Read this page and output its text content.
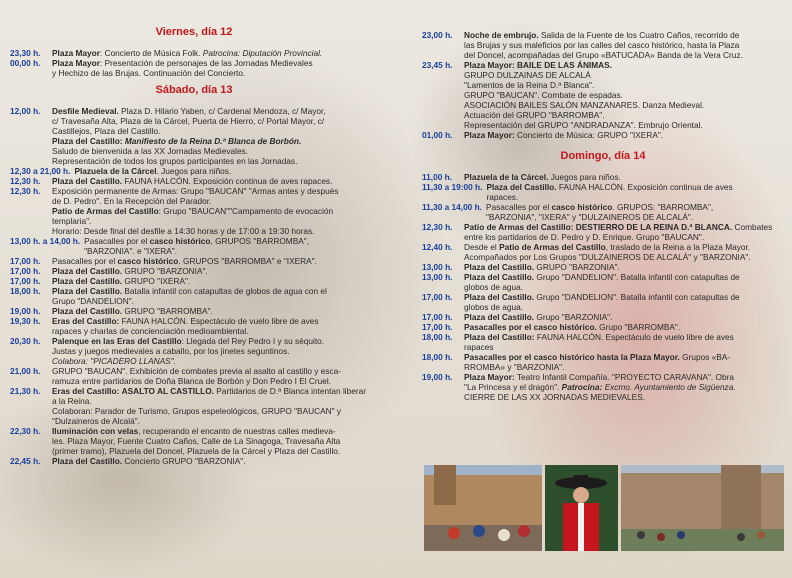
Viernes, día 12
23,30 h.	Plaza Mayor: Concierto de Música Folk. Patrocina: Diputación Provincial.
00,00 h.	Plaza Mayor: Presentación de personajes de las Jornadas Medievales
y Hechizo de las Brujas. Continuación del Concierto.
Sábado, día 13
12,00 h.	Desfile Medieval. Plaza D. Hilario Yaben, c/ Cardenal Mendoza, c/ Mayor,
c/ Travesaña Alta, Plaza de la Cárcel, Puerta de Hierro, c/ Portal Mayor, c/
Castillejos, Plaza del Castillo.
Plaza del Castillo: Manifiesto de la Reina D.ª Blanca de Borbón.
Saludo de bienvenida a las XX Jornadas Medievales.
Representación de todos los grupos participantes en las Jornadas.
12,30 a 21,00 h. Plazuela de la Cárcel. Juegos para niños.
12,30 h.	Plaza del Castillo. FAUNA HALCÓN. Exposición continua de aves rapaces.
12,30 h.	Exposición permanente de Armas: Grupo "BAUCAN" "Armas antes y después
de D. Pedro". En la Recepción del Parador.
Patio de Armas del Castillo: Grupo "BAUCAN""Campamento de evocación
templaria".
Horario: Desde final del desfile a 14:30 horas y de 17:00 a 19:30 horas.
13,00 h. a 14,00 h. Pasacalles por el casco histórico, GRUPOS "BARROMBA",
"BARZONIA". e "IXERA".
17,00 h.	Pasacalles por el casco histórico. GRUPOS "BARROMBA" e "IXERA".
17,00 h.	Plaza del Castillo. GRUPO "BARZONIA".
17,00 h.	Plaza del Castillo. GRUPO "IXERA".
18,00 h.	Plaza del Castillo. Batalla infantil con catapultas de globos de agua con el
Grupo "DANDELION".
19,00 h.	Plaza del Castillo. GRUPO "BARROMBA".
19,30 h.	Eras del Castillo: FAUNA HALCÓN. Espectáculo de vuelo libre de aves
rapaces y charlas de concienciación medioambiental.
20,30 h.	Palenque en las Eras del Castillo: Llegada del Rey Pedro I y su séquito.
Justas y juegos medievales a caballo, por los jinetes seguntinos.
Colabora: "PICADERO LLANAS".
21,00 h.	GRUPO "BAUCAN". Exhibición de combates previa al asalto al castillo y esca-
ramuza entre partidarios de Doña Blanca de Borbón y Don Pedro I El Cruel.
21,30 h.	Eras del Castillo: ASALTO AL CASTILLO. Partidarios de D.ª Blanca intentan liberar
a la Reina.
Colaboran: Parador de Turismo, Grupos espeleológicos, GRUPO "BAUCAN" y
"Dulzaineros de Alcalá".
22,30 h.	Iluminación con velas, recuperando el encanto de nuestras calles medieva-
les. Plaza Mayor, Fuente Cuatro Caños, Calle de La Sinagoga, Travesaña Alta
(primer tramo), Plazuela del Doncel, Plazuela de la Cárcel y Plaza del Castillo.
22,45 h.	Plaza del Castillo. Concierto GRUPO "BARZONIA".
23,00 h.	Noche de embrujo. Salida de la Fuente de los Cuatro Caños, recorrido de
las Brujas y sus maleficios por las calles del casco histórico, hasta la Plaza
del Doncel, acompañadas del Grupo «BATUCADA» Banda de la Vera Cruz.
23,45 h.	Plaza Mayor: BAILE DE LAS ÁNIMAS.
GRUPO DULZAINAS DE ALCALÁ
"Lamentos de la Reina D.ª Blanca".
GRUPO "BAUCAN". Combate de espadas.
ASOCIACIÓN BAILES SALÓN MANZANARES. Danza Medieval.
Actuación del GRUPO "BARROMBA".
Representación del GRUPO "ANDRADANZA". Embrujo Oriental.
01,00 h.	Plaza Mayor: Concierto de Música: GRUPO "IXERA".
Domingo, día 14
11,00 h.	Plazuela de la Cárcel. Juegos para niños.
11,30 a 19:00 h. Plaza del Castillo. FAUNA HALCÓN. Exposición continua de aves
rapaces.
11,30 a 14,00 h. Pasacalles por el casco histórico. GRUPOS: "BARROMBA",
"BARZONIA", "IXERA" y "DULZAINEROS DE ALCALÁ".
12,30 h.	Patio de Armas del Castillo: DESTIERRO DE LA REINA D.ª BLANCA. Combates
entre los partidarios de D. Pedro y D. Enrique. Grupo "BAUCAN".
12,40 h.	Desde el Patio de Armas del Castillo, traslado de la Reina a la Plaza Mayor.
Acompañados por Los Grupos "DULZAINEROS DE ALCALÁ" y "BARZONIA".
13,00 h.	Plaza del Castillo. GRUPO "BARZONIA".
13,00 h.	Plaza del Castillo. Grupo "DANDELION". Batalla infantil con catapultas de
globos de agua.
17,00 h.	Plaza del Castillo. Grupo "DANDELION". Batalla infantil con catapultas de
globos de agua.
17,00 h.	Plaza del Castillo. Grupo "BARZONIA".
17,00 h.	Pasacalles por el casco histórico. Grupo "BARROMBA".
18,00 h.	Plaza del Castillo: FAUNA HALCÓN. Espectáculo de vuelo libre de aves
rapaces
18,00 h.	Pasacalles por el casco histórico hasta la Plaza Mayor. Grupos «BA-
RROMBA» y "BARZONIA".
19,00 h.	Plaza Mayor: Teatro Infantil Compañía. "PROYECTO CARAVANA". Obra
"La Princesa y el dragón". Patrocina: Excmo. Ayuntamiento de Sigüenza.
CIERRE DE LAS XX JORNADAS MEDIEVALES.
